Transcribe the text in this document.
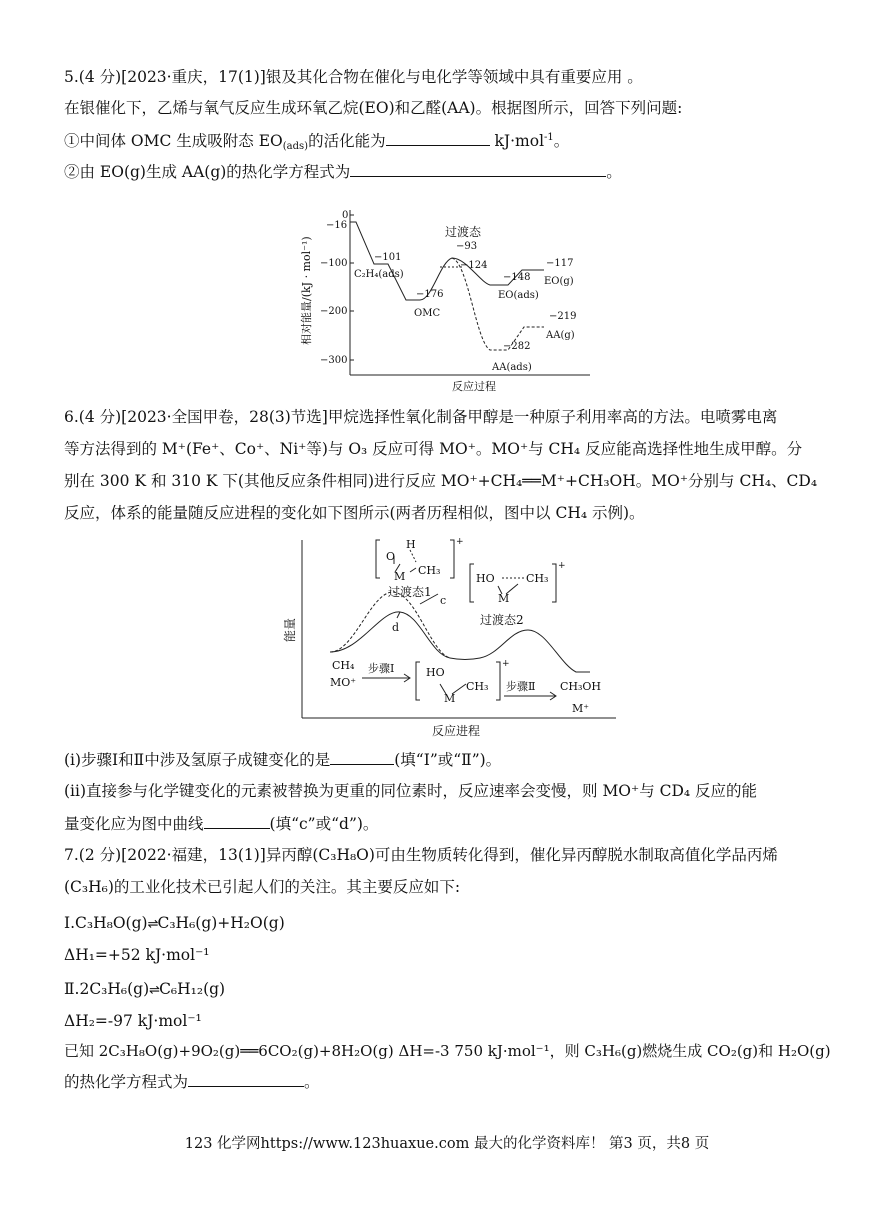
5.(4 分)[2023·重庆，17(1)]银及其化合物在催化与电化学等领域中具有重要应用 。
在银催化下，乙烯与氧气反应生成环氧乙烷(EO)和乙醛(AA)。根据图所示，回答下列问题:
①中间体 OMC 生成吸附态 $EO_{(ads)}$的活化能为	kJ·mol$^{-1}$。
②由 EO(g)生成 AA(g)的热化学方程式为	。
0
−100
−200
−300
−16
−101
C₂H₄(ads)
−176
OMC
过渡态
−93
−124
−148
EO(ads)
−117
EO(g)
−219
AA(g)
−282
AA(ads)
反应过程
相对能量/(kJ · mol⁻¹)
6.(4 分)[2023·全国甲卷，28(3)节选]甲烷选择性氧化制备甲醇是一种原子利用率高的方法。电喷雾电离
等方法得到的 M⁺(Fe⁺、Co⁺、Ni⁺等)与 O₃ 反应可得 MO⁺。MO⁺与 CH₄ 反应能高选择性地生成甲醇。分
别在 300 K 和 310 K 下(其他反应条件相同)进行反应 MO⁺+CH₄══M⁺+CH₃OH。MO⁺分别与 CH₄、CD₄
反应，体系的能量随反应进程的变化如下图所示(两者历程相似，图中以 CH₄ 示例)。
O
H
M CH₃
+
过渡态1
c
d
HO
M
CH₃
+
过渡态2
CH₄
MO⁺
步骤Ⅰ	HO
M
CH₃
+
步骤Ⅱ CH₃OH
M⁺
反应进程
能量
(ⅰ)步骤Ⅰ和Ⅱ中涉及氢原子成键变化的是	(填“Ⅰ”或“Ⅱ”)。
(ⅱ)直接参与化学键变化的元素被替换为更重的同位素时，反应速率会变慢，则 MO⁺与 CD₄ 反应的能
量变化应为图中曲线	(填“c”或“d”)。
7.(2 分)[2022·福建，13(1)]异丙醇(C₃H₈O)可由生物质转化得到，催化异丙醇脱水制取高值化学品丙烯
(C₃H₆)的工业化技术已引起人们的关注。其主要反应如下:
Ⅰ.C₃H₈O(g)⇌C₃H₆(g)+H₂O(g)
ΔH₁=+52 kJ·mol⁻¹
Ⅱ.2C₃H₆(g)⇌C₆H₁₂(g)
ΔH₂=-97 kJ·mol⁻¹
已知 2C₃H₈O(g)+9O₂(g)══6CO₂(g)+8H₂O(g) ΔH=-3 750 kJ·mol⁻¹，则 C₃H₆(g)燃烧生成 CO₂(g)和 H₂O(g)
的热化学方程式为	。
123 化学网https://www.123huaxue.com 最大的化学资料库！ 第3 页，共8 页
